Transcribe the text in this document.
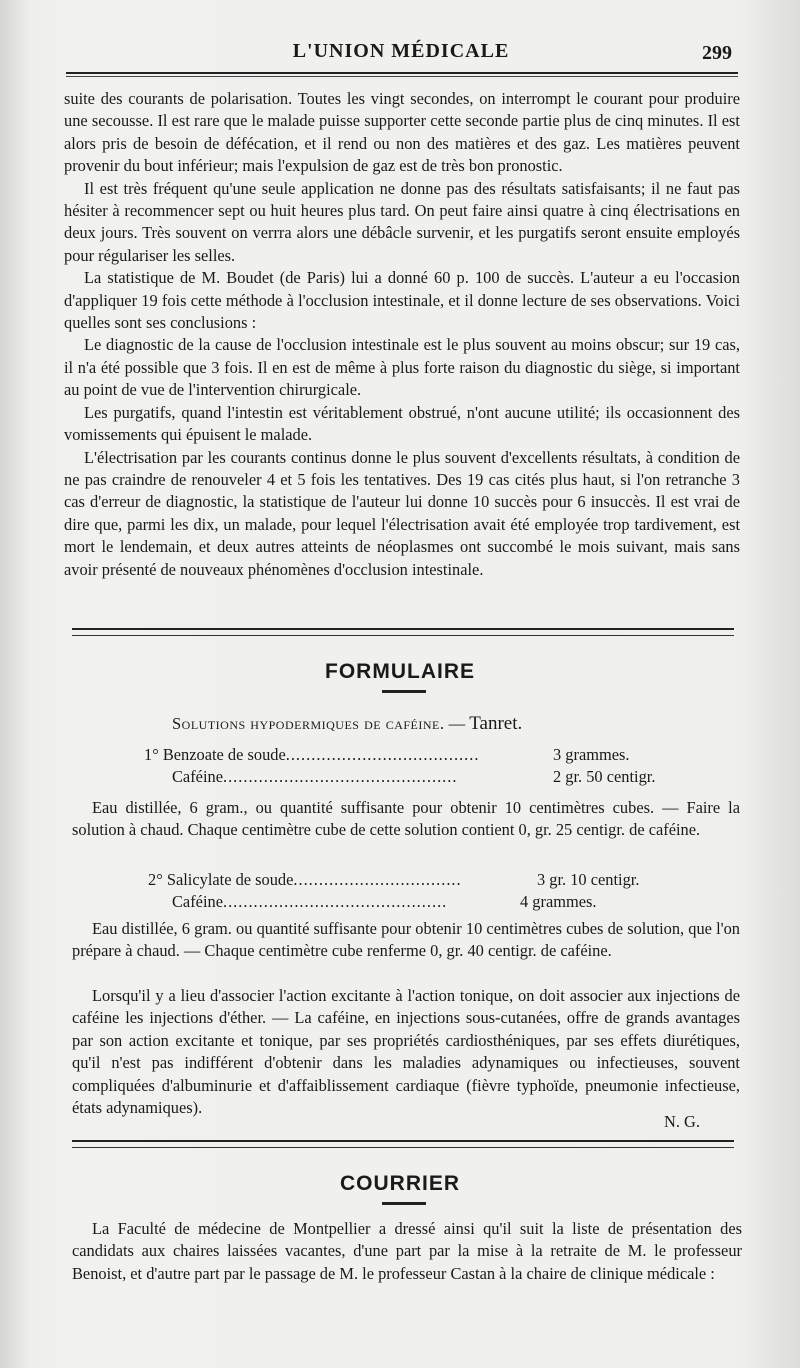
L'UNION MÉDICALE	299

suite des courants de polarisation. Toutes les vingt secondes, on interrompt le courant pour produire une secousse. Il est rare que le malade puisse supporter cette seconde partie plus de cinq minutes. Il est alors pris de besoin de défécation, et il rend ou non des matières et des gaz. Les matières peuvent provenir du bout inférieur; mais l'expulsion de gaz est de très bon pronostic.

Il est très fréquent qu'une seule application ne donne pas des résultats satisfaisants; il ne faut pas hésiter à recommencer sept ou huit heures plus tard. On peut faire ainsi quatre à cinq électrisations en deux jours. Très souvent on verrra alors une débâcle survenir, et les purgatifs seront ensuite employés pour régulariser les selles.

La statistique de M. Boudet (de Paris) lui a donné 60 p. 100 de succès. L'auteur a eu l'occasion d'appliquer 19 fois cette méthode à l'occlusion intestinale, et il donne lecture de ses observations. Voici quelles sont ses conclusions :

Le diagnostic de la cause de l'occlusion intestinale est le plus souvent au moins obscur; sur 19 cas, il n'a été possible que 3 fois. Il en est de même à plus forte raison du diagnostic du siège, si important au point de vue de l'intervention chirurgicale.

Les purgatifs, quand l'intestin est véritablement obstrué, n'ont aucune utilité; ils occasionnent des vomissements qui épuisent le malade.

L'électrisation par les courants continus donne le plus souvent d'excellents résultats, à condition de ne pas craindre de renouveler 4 et 5 fois les tentatives. Des 19 cas cités plus haut, si l'on retranche 3 cas d'erreur de diagnostic, la statistique de l'auteur lui donne 10 succès pour 6 insuccès. Il est vrai de dire que, parmi les dix, un malade, pour lequel l'électrisation avait été employée trop tardivement, est mort le lendemain, et deux autres atteints de néoplasmes ont succombé le mois suivant, mais sans avoir présenté de nouveaux phénomènes d'occlusion intestinale.

FORMULAIRE
Solutions hypodermiques de caféine. — Tanret.
1° Benzoate de soude......................................	3 grammes.
Caféine..............................................	2 gr. 50 centigr.

Eau distillée, 6 gram., ou quantité suffisante pour obtenir 10 centimètres cubes. — Faire la solution à chaud. Chaque centimètre cube de cette solution contient 0, gr. 25 centigr. de caféine.

2° Salicylate de soude.................................	3 gr. 10 centigr.
Caféine............................................	4 grammes.

Eau distillée, 6 gram. ou quantité suffisante pour obtenir 10 centimètres cubes de solution, que l'on prépare à chaud. — Chaque centimètre cube renferme 0, gr. 40 centigr. de caféine.

Lorsqu'il y a lieu d'associer l'action excitante à l'action tonique, on doit associer aux injections de caféine les injections d'éther. — La caféine, en injections sous-cutanées, offre de grands avantages par son action excitante et tonique, par ses propriétés cardiosthéniques, par ses effets diurétiques, qu'il n'est pas indifférent d'obtenir dans les maladies adynamiques ou infectieuses, souvent compliquées d'albuminurie et d'affaiblissement cardiaque (fièvre typhoïde, pneumonie infectieuse, états adynamiques).

N. G.
COURRIER

La Faculté de médecine de Montpellier a dressé ainsi qu'il suit la liste de présentation des candidats aux chaires laissées vacantes, d'une part par la mise à la retraite de M. le professeur Benoist, et d'autre part par le passage de M. le professeur Castan à la chaire de clinique médicale :
